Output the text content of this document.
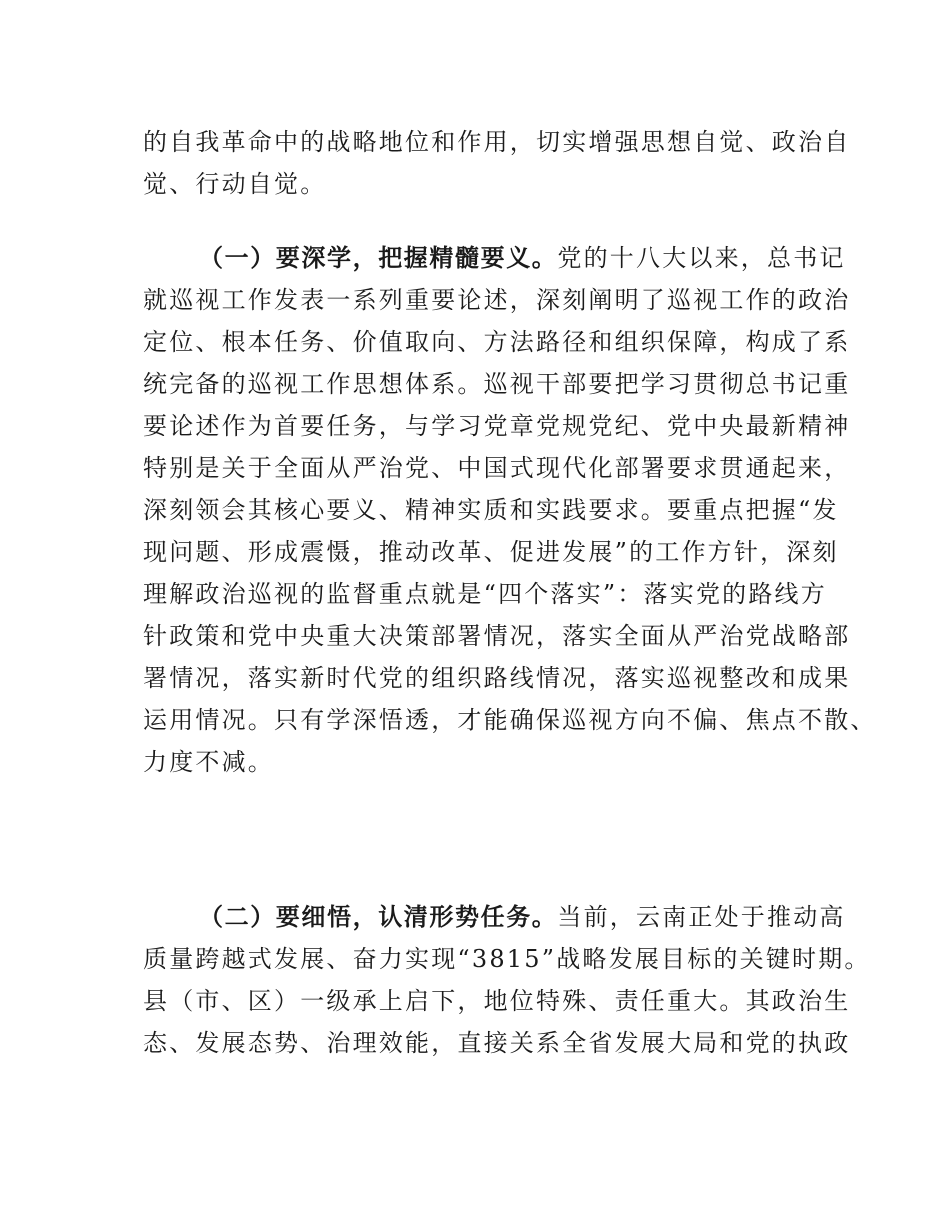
的自我革命中的战略地位和作用，切实增强思想自觉、政治自
觉、行动自觉。
（一）要深学，把握精髓要义。党的十八大以来，总书记
就巡视工作发表一系列重要论述，深刻阐明了巡视工作的政治
定位、根本任务、价值取向、方法路径和组织保障，构成了系
统完备的巡视工作思想体系。巡视干部要把学习贯彻总书记重
要论述作为首要任务，与学习党章党规党纪、党中央最新精神
特别是关于全面从严治党、中国式现代化部署要求贯通起来，
深刻领会其核心要义、精神实质和实践要求。要重点把握“发
现问题、形成震慑，推动改革、促进发展”的工作方针，深刻
理解政治巡视的监督重点就是“四个落实”：落实党的路线方
针政策和党中央重大决策部署情况，落实全面从严治党战略部
署情况，落实新时代党的组织路线情况，落实巡视整改和成果
运用情况。只有学深悟透，才能确保巡视方向不偏、焦点不散、
力度不减。
（二）要细悟，认清形势任务。当前，云南正处于推动高
质量跨越式发展、奋力实现“3815”战略发展目标的关键时期。
县（市、区）一级承上启下，地位特殊、责任重大。其政治生
态、发展态势、治理效能，直接关系全省发展大局和党的执政
